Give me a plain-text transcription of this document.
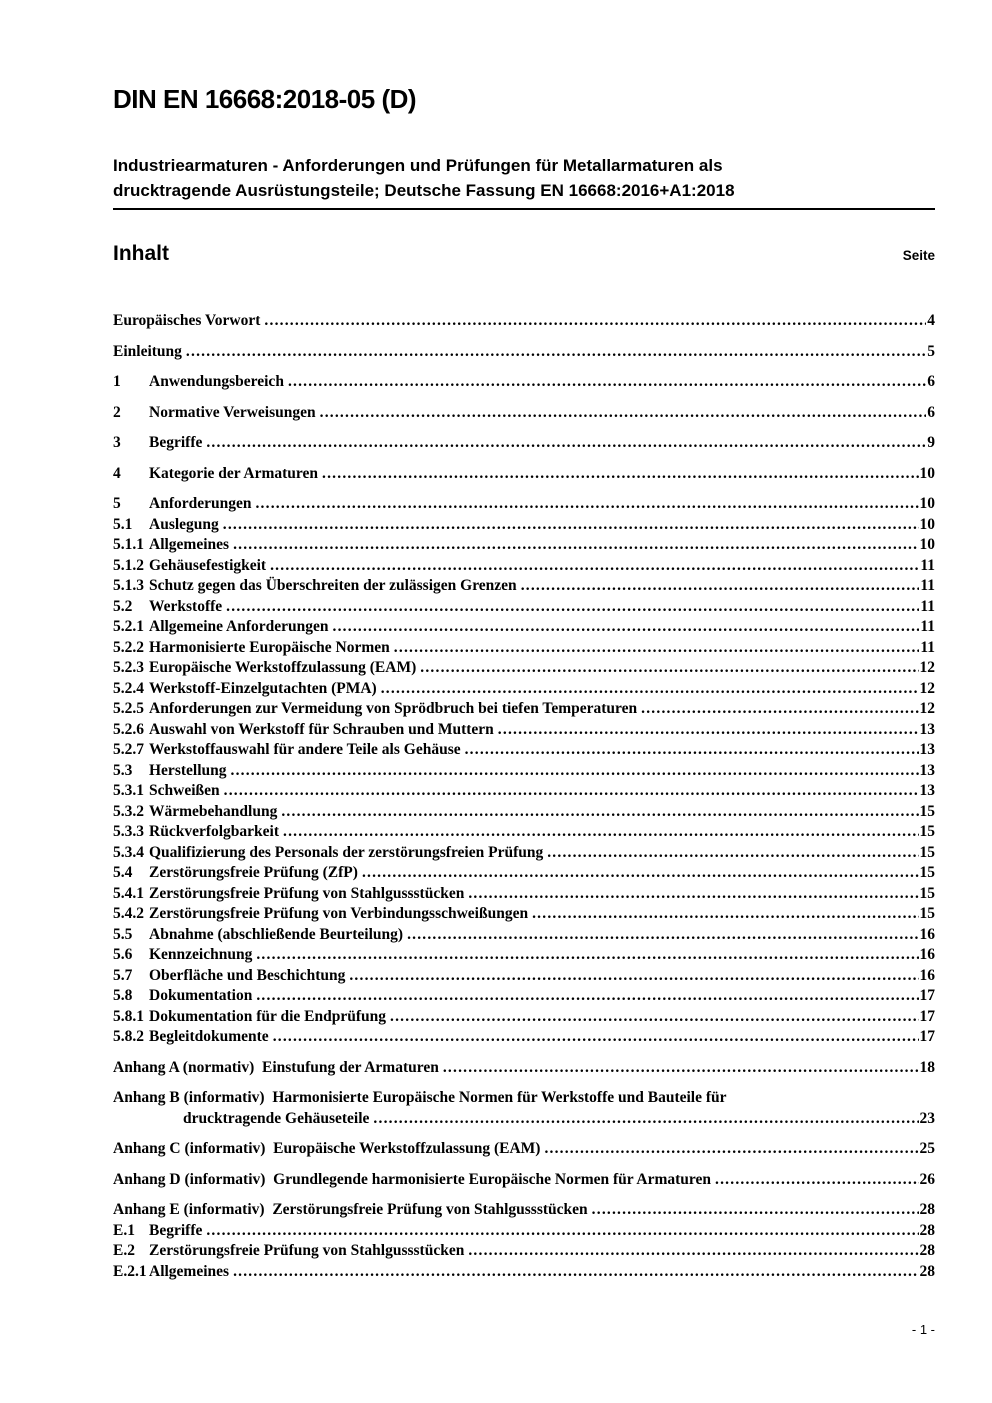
DIN EN 16668:2018-05 (D)
Industriearmaturen - Anforderungen und Prüfungen für Metallarmaturen als
drucktragende Ausrüstungsteile; Deutsche Fassung EN 16668:2016+A1:2018
Inhalt	Seite
Europäisches Vorwort .....	4
Einleitung .....	5
1	Anwendungsbereich .....	6
2	Normative Verweisungen .....	6
3	Begriffe .....	9
4	Kategorie der Armaturen .....	10
5	Anforderungen .....	10
5.1	Auslegung .....	10
5.1.1 Allgemeines .....	10
5.1.2 Gehäusefestigkeit .....	11
5.1.3 Schutz gegen das Überschreiten der zulässigen Grenzen .....	11
5.2	Werkstoffe .....	11
5.2.1 Allgemeine Anforderungen .....	11
5.2.2 Harmonisierte Europäische Normen .....	11
5.2.3 Europäische Werkstoffzulassung (EAM) .....	12
5.2.4 Werkstoff-Einzelgutachten (PMA) .....	12
5.2.5 Anforderungen zur Vermeidung von Sprödbruch bei tiefen Temperaturen .....	12
5.2.6 Auswahl von Werkstoff für Schrauben und Muttern .....	13
5.2.7 Werkstoffauswahl für andere Teile als Gehäuse .....	13
5.3	Herstellung .....	13
5.3.1 Schweißen .....	13
5.3.2 Wärmebehandlung .....	15
5.3.3 Rückverfolgbarkeit .....	15
5.3.4 Qualifizierung des Personals der zerstörungsfreien Prüfung .....	15
5.4	Zerstörungsfreie Prüfung (ZfP) .....	15
5.4.1 Zerstörungsfreie Prüfung von Stahlgussstücken .....	15
5.4.2 Zerstörungsfreie Prüfung von Verbindungsschweißungen .....	15
5.5	Abnahme (abschließende Beurteilung) .....	16
5.6	Kennzeichnung .....	16
5.7	Oberfläche und Beschichtung .....	16
5.8	Dokumentation .....	17
5.8.1 Dokumentation für die Endprüfung .....	17
5.8.2 Begleitdokumente .....	17
Anhang A (normativ)  Einstufung der Armaturen .....	18
Anhang B (informativ)  Harmonisierte Europäische Normen für Werkstoffe und Bauteile für
drucktragende Gehäuseteile .....	23
Anhang C (informativ)  Europäische Werkstoffzulassung (EAM) .....	25
Anhang D (informativ)  Grundlegende harmonisierte Europäische Normen für Armaturen .....	26
Anhang E (informativ)  Zerstörungsfreie Prüfung von Stahlgussstücken .....	28
E.1 Begriffe .....	28
E.2 Zerstörungsfreie Prüfung von Stahlgussstücken .....	28
E.2.1 Allgemeines .....	28
- 1 -
